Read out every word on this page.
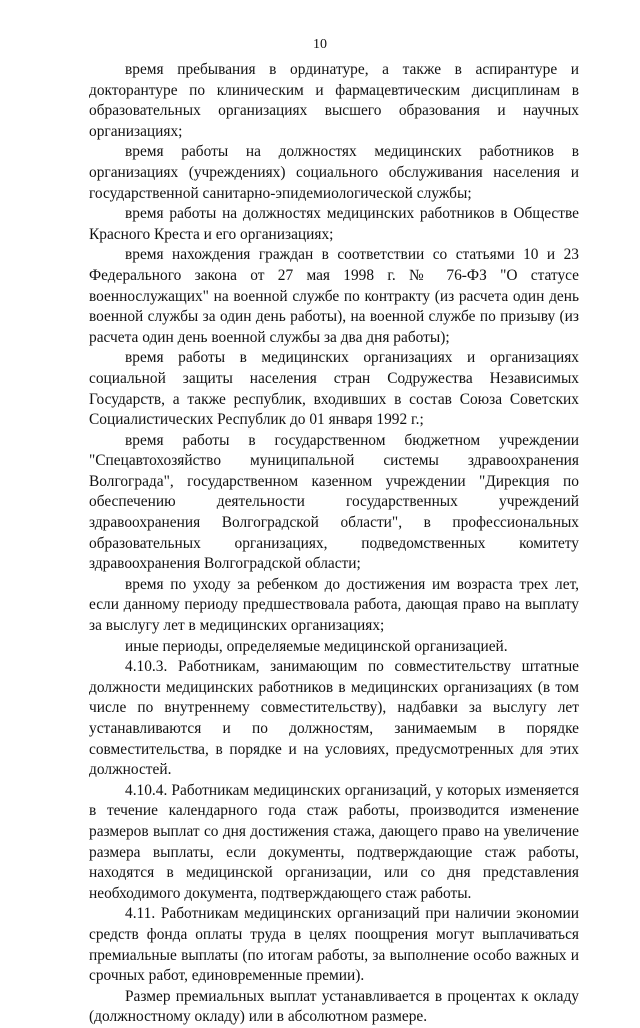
10

время пребывания в ординатуре, а также в аспирантуре и докторантуре по клиническим и фармацевтическим дисциплинам в образовательных организациях высшего образования и научных организациях;

время работы на должностях медицинских работников в организациях (учреждениях) социального обслуживания населения и государственной санитарно-эпидемиологической службы;

время работы на должностях медицинских работников в Обществе Красного Креста и его организациях;

время нахождения граждан в соответствии со статьями 10 и 23 Федерального закона от 27 мая 1998 г. № 76-ФЗ "О статусе военнослужащих" на военной службе по контракту (из расчета один день военной службы за один день работы), на военной службе по призыву (из расчета один день военной службы за два дня работы);

время работы в медицинских организациях и организациях социальной защиты населения стран Содружества Независимых Государств, а также республик, входивших в состав Союза Советских Социалистических Республик до 01 января 1992 г.;

время работы в государственном бюджетном учреждении "Спецавтохозяйство муниципальной системы здравоохранения Волгограда", государственном казенном учреждении "Дирекция по обеспечению деятельности государственных учреждений здравоохранения Волгоградской области", в профессиональных образовательных организациях, подведомственных комитету здравоохранения Волгоградской области;

время по уходу за ребенком до достижения им возраста трех лет, если данному периоду предшествовала работа, дающая право на выплату за выслугу лет в медицинских организациях;

иные периоды, определяемые медицинской организацией.

4.10.3. Работникам, занимающим по совместительству штатные должности медицинских работников в медицинских организациях (в том числе по внутреннему совместительству), надбавки за выслугу лет устанавливаются и по должностям, занимаемым в порядке совместительства, в порядке и на условиях, предусмотренных для этих должностей.

4.10.4. Работникам медицинских организаций, у которых изменяется в течение календарного года стаж работы, производится изменение размеров выплат со дня достижения стажа, дающего право на увеличение размера выплаты, если документы, подтверждающие стаж работы, находятся в медицинской организации, или со дня представления необходимого документа, подтверждающего стаж работы.

4.11. Работникам медицинских организаций при наличии экономии средств фонда оплаты труда в целях поощрения могут выплачиваться премиальные выплаты (по итогам работы, за выполнение особо важных и срочных работ, единовременные премии).

Размер премиальных выплат устанавливается в процентах к окладу (должностному окладу) или в абсолютном размере.
